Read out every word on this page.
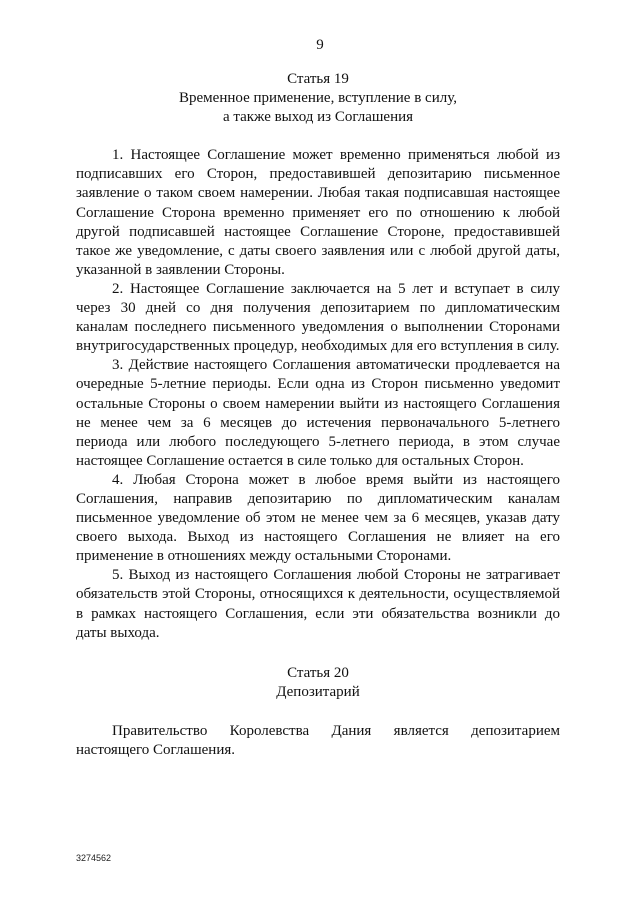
9
Статья 19
Временное применение, вступление в силу,
а также выход из Соглашения

1. Настоящее Соглашение может временно применяться любой из подписавших его Сторон, предоставившей депозитарию письменное заявление о таком своем намерении. Любая такая подписавшая настоящее Соглашение Сторона временно применяет его по отношению к любой другой подписавшей настоящее Соглашение Стороне, предоставившей такое же уведомление, с даты своего заявления или с любой другой даты, указанной в заявлении Стороны.

2. Настоящее Соглашение заключается на 5 лет и вступает в силу через 30 дней со дня получения депозитарием по дипломатическим каналам последнего письменного уведомления о выполнении Сторонами внутригосударственных процедур, необходимых для его вступления в силу.

3. Действие настоящего Соглашения автоматически продлевается на очередные 5-летние периоды. Если одна из Сторон письменно уведомит остальные Стороны о своем намерении выйти из настоящего Соглашения не менее чем за 6 месяцев до истечения первоначального 5-летнего периода или любого последующего 5-летнего периода, в этом случае настоящее Соглашение остается в силе только для остальных Сторон.

4. Любая Сторона может в любое время выйти из настоящего Соглашения, направив депозитарию по дипломатическим каналам письменное уведомление об этом не менее чем за 6 месяцев, указав дату своего выхода. Выход из настоящего Соглашения не влияет на его применение в отношениях между остальными Сторонами.

5. Выход из настоящего Соглашения любой Стороны не затрагивает обязательств этой Стороны, относящихся к деятельности, осуществляемой в рамках настоящего Соглашения, если эти обязательства возникли до даты выхода.

Статья 20
Депозитарий

Правительство Королевства Дания является депозитарием настоящего Соглашения.

3274562
